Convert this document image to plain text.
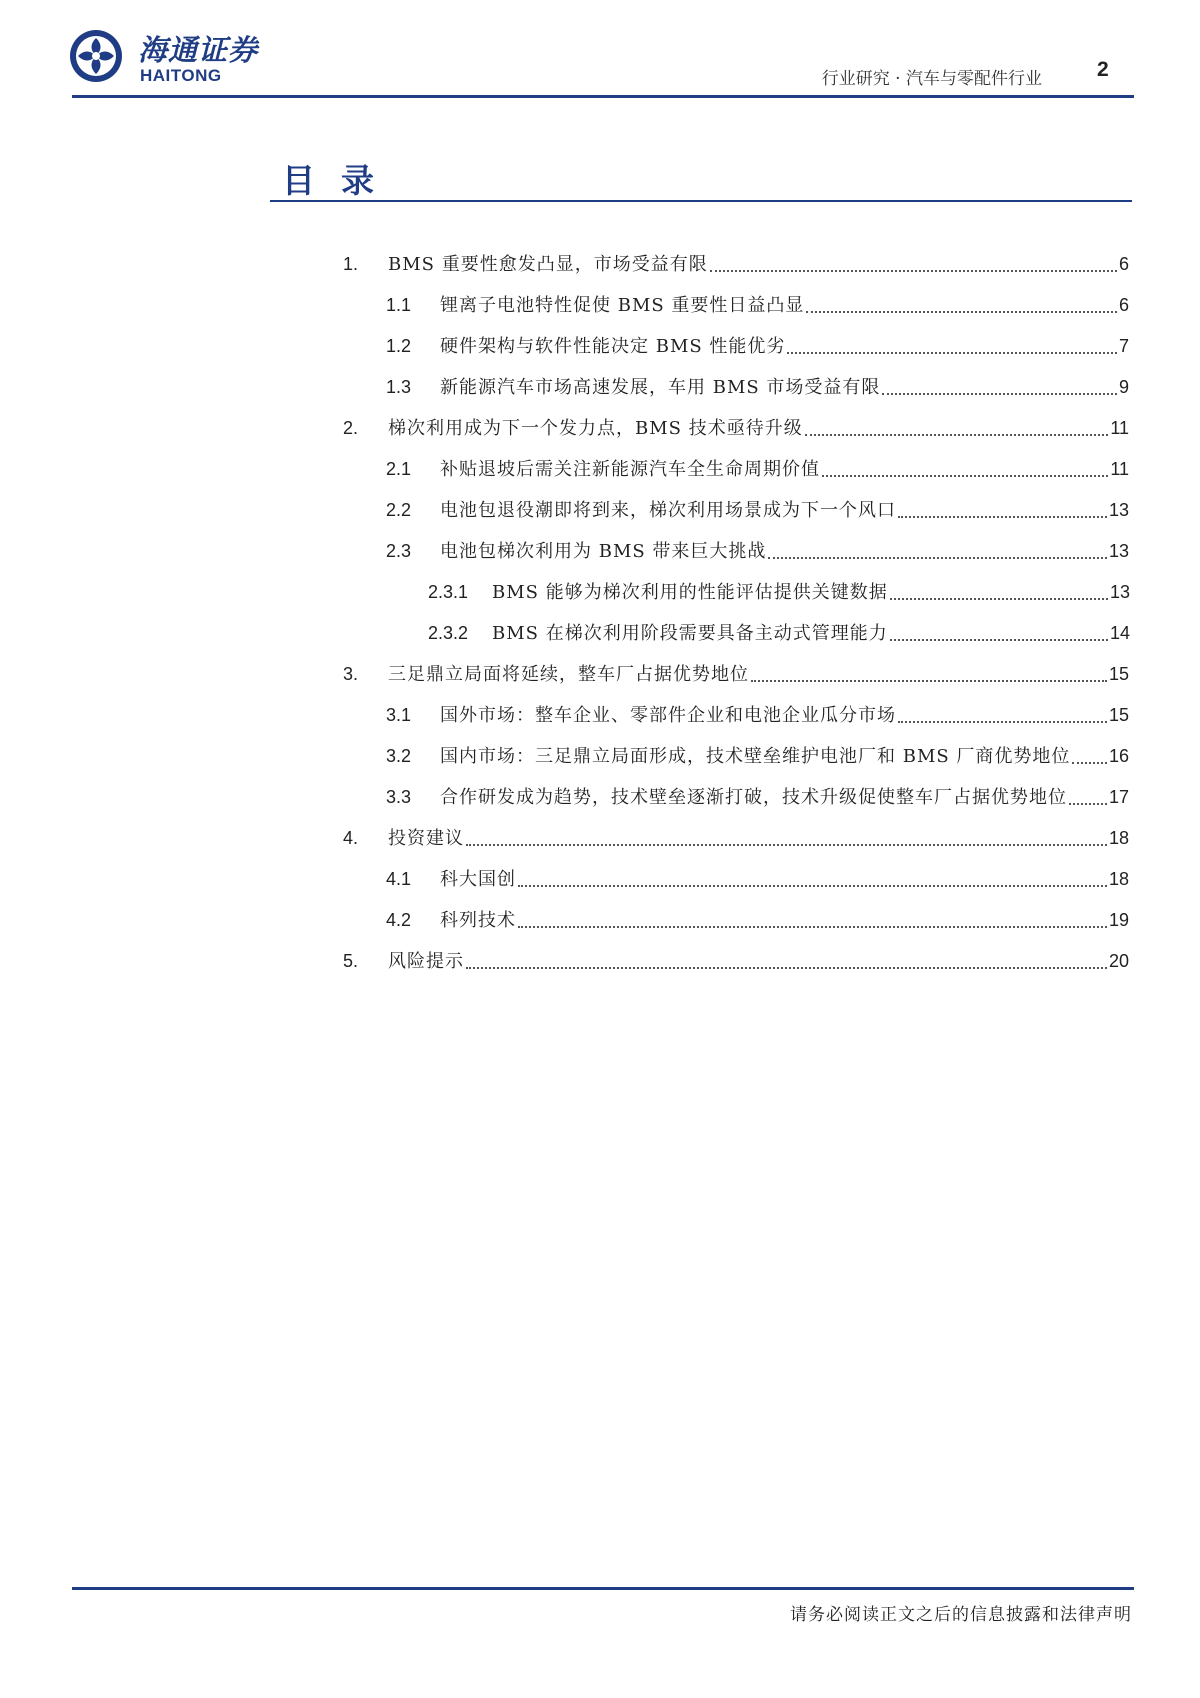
海通证券
HAITONG	行业研究 · 汽车与零配件行业	2
目录
1.	BMS 重要性愈发凸显，市场受益有限	6
1.1	锂离子电池特性促使 BMS 重要性日益凸显	6
1.2	硬件架构与软件性能决定 BMS 性能优劣	7
1.3	新能源汽车市场高速发展，车用 BMS 市场受益有限	9
2.	梯次利用成为下一个发力点，BMS 技术亟待升级	11
2.1	补贴退坡后需关注新能源汽车全生命周期价值	11
2.2	电池包退役潮即将到来，梯次利用场景成为下一个风口	13
2.3	电池包梯次利用为 BMS 带来巨大挑战	13
2.3.1	BMS 能够为梯次利用的性能评估提供关键数据	13
2.3.2	BMS 在梯次利用阶段需要具备主动式管理能力	14
3.	三足鼎立局面将延续，整车厂占据优势地位	15
3.1	国外市场：整车企业、零部件企业和电池企业瓜分市场	15
3.2	国内市场：三足鼎立局面形成，技术壁垒维护电池厂和 BMS 厂商优势地位 16
3.3	合作研发成为趋势，技术壁垒逐渐打破，技术升级促使整车厂占据优势地位 17
4.	投资建议	18
4.1	科大国创	18
4.2	科列技术	19
5.	风险提示	20
请务必阅读正文之后的信息披露和法律声明
